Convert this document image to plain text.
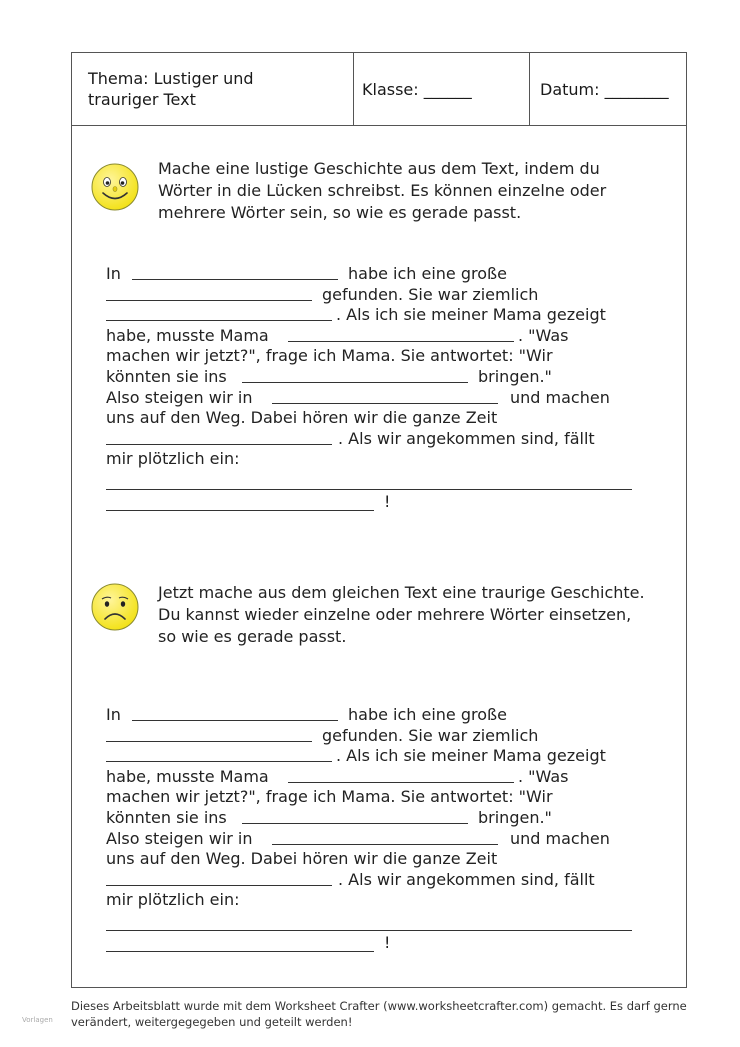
Thema: Lustiger und
trauriger Text
Klasse: ______	Datum: ________
Mache eine lustige Geschichte aus dem Text, indem du
Wörter in die Lücken schreibst. Es können einzelne oder
mehrere Wörter sein, so wie es gerade passt.
In	habe ich eine große
gefunden. Sie war ziemlich
. Als ich sie meiner Mama gezeigt
habe, musste Mama	. "Was
machen wir jetzt?", frage ich Mama. Sie antwortet: "Wir
könnten sie ins	bringen."
Also steigen wir in	und machen
uns auf den Weg. Dabei hören wir die ganze Zeit
. Als wir angekommen sind, fällt
mir plötzlich ein:
!
Jetzt mache aus dem gleichen Text eine traurige Geschichte.
Du kannst wieder einzelne oder mehrere Wörter einsetzen,
so wie es gerade passt.
In	habe ich eine große
gefunden. Sie war ziemlich
. Als ich sie meiner Mama gezeigt
habe, musste Mama	. "Was
machen wir jetzt?", frage ich Mama. Sie antwortet: "Wir
könnten sie ins	bringen."
Also steigen wir in	und machen
uns auf den Weg. Dabei hören wir die ganze Zeit
. Als wir angekommen sind, fällt
mir plötzlich ein:
!
Dieses Arbeitsblatt wurde mit dem Worksheet Crafter (www.worksheetcrafter.com) gemacht. Es darf gerne
verändert, weitergegegeben und geteilt werden!
Vorlagen
